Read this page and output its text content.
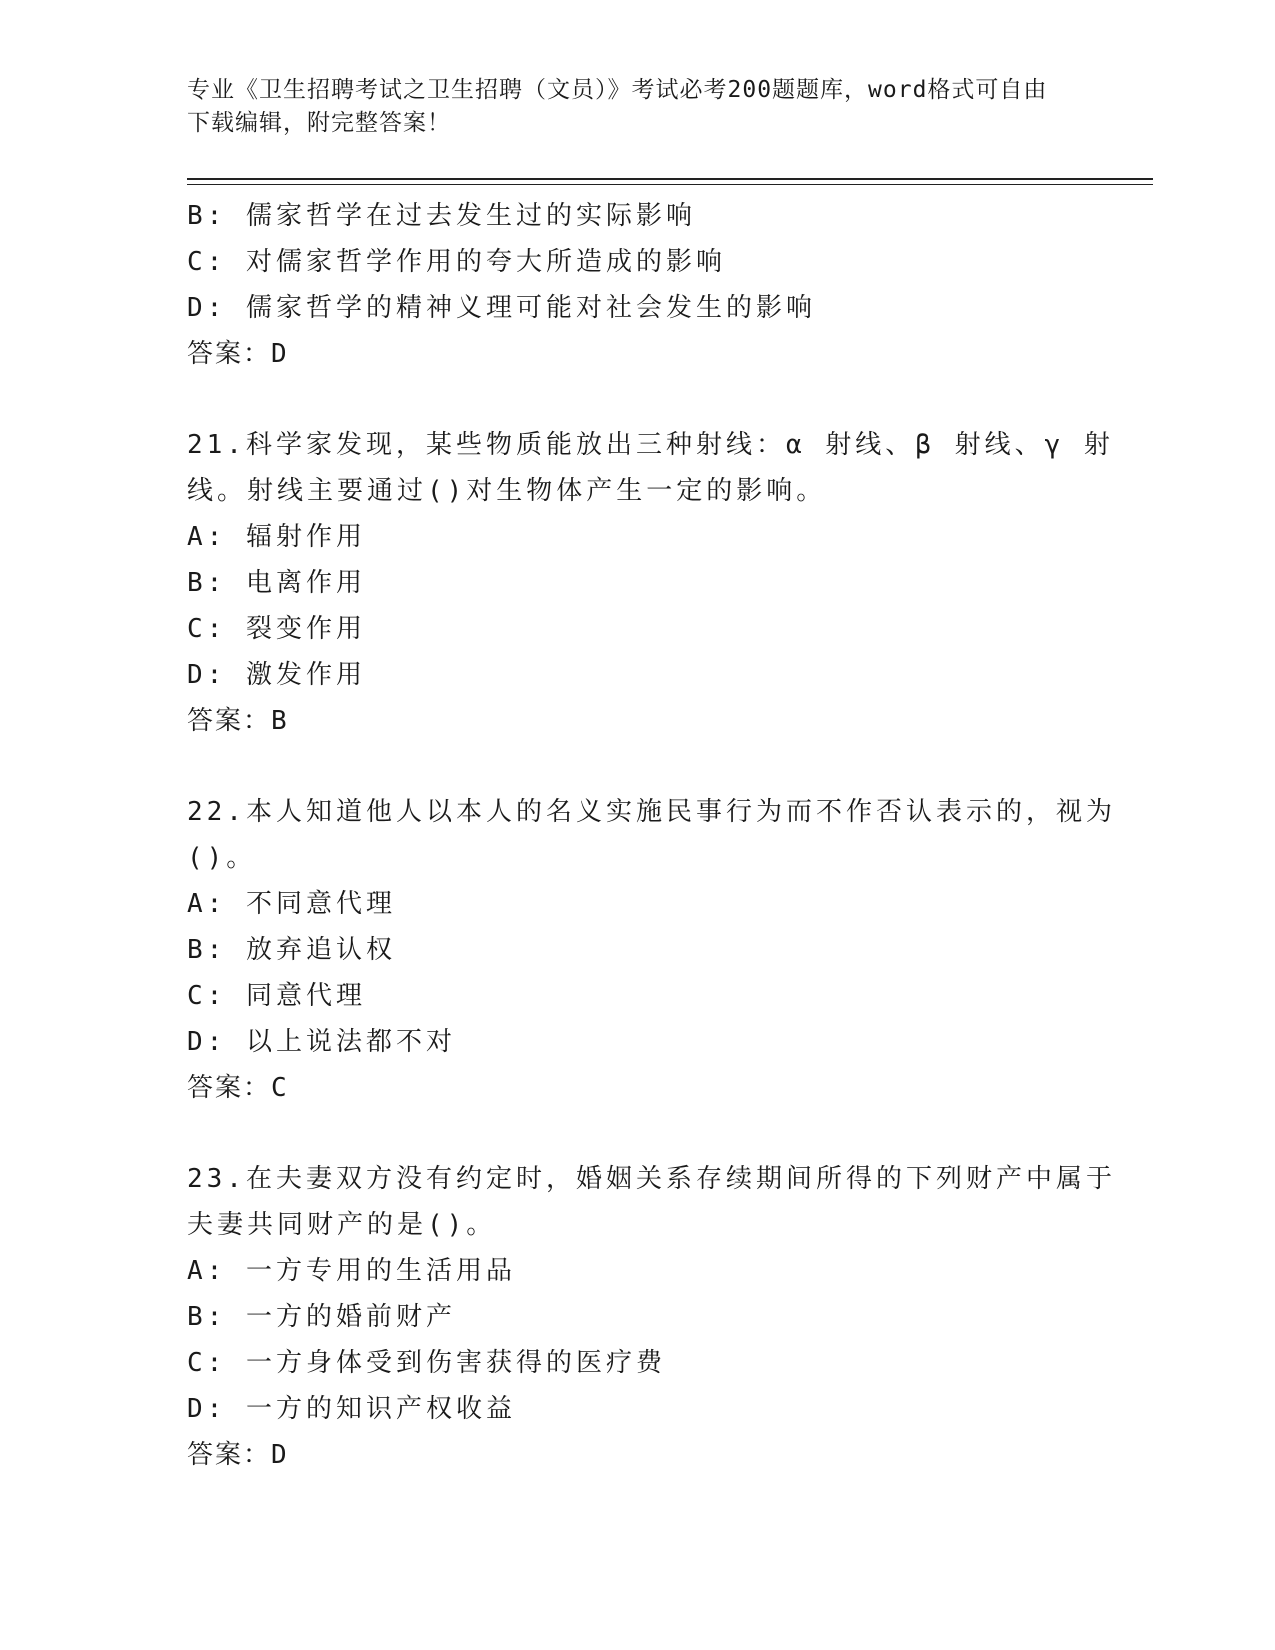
专业《卫生招聘考试之卫生招聘（文员）》考试必考200题题库，word格式可自由下载编辑，附完整答案！
B: 儒家哲学在过去发生过的实际影响
C: 对儒家哲学作用的夸大所造成的影响
D: 儒家哲学的精神义理可能对社会发生的影响
答案：D
21.科学家发现，某些物质能放出三种射线：α 射线、β 射线、γ 射
线。射线主要通过()对生物体产生一定的影响。
A: 辐射作用
B: 电离作用
C: 裂变作用
D: 激发作用
答案：B
22.本人知道他人以本人的名义实施民事行为而不作否认表示的，视为
()。
A: 不同意代理
B: 放弃追认权
C: 同意代理
D: 以上说法都不对
答案：C
23.在夫妻双方没有约定时，婚姻关系存续期间所得的下列财产中属于
夫妻共同财产的是()。
A: 一方专用的生活用品
B: 一方的婚前财产
C: 一方身体受到伤害获得的医疗费
D: 一方的知识产权收益
答案：D
